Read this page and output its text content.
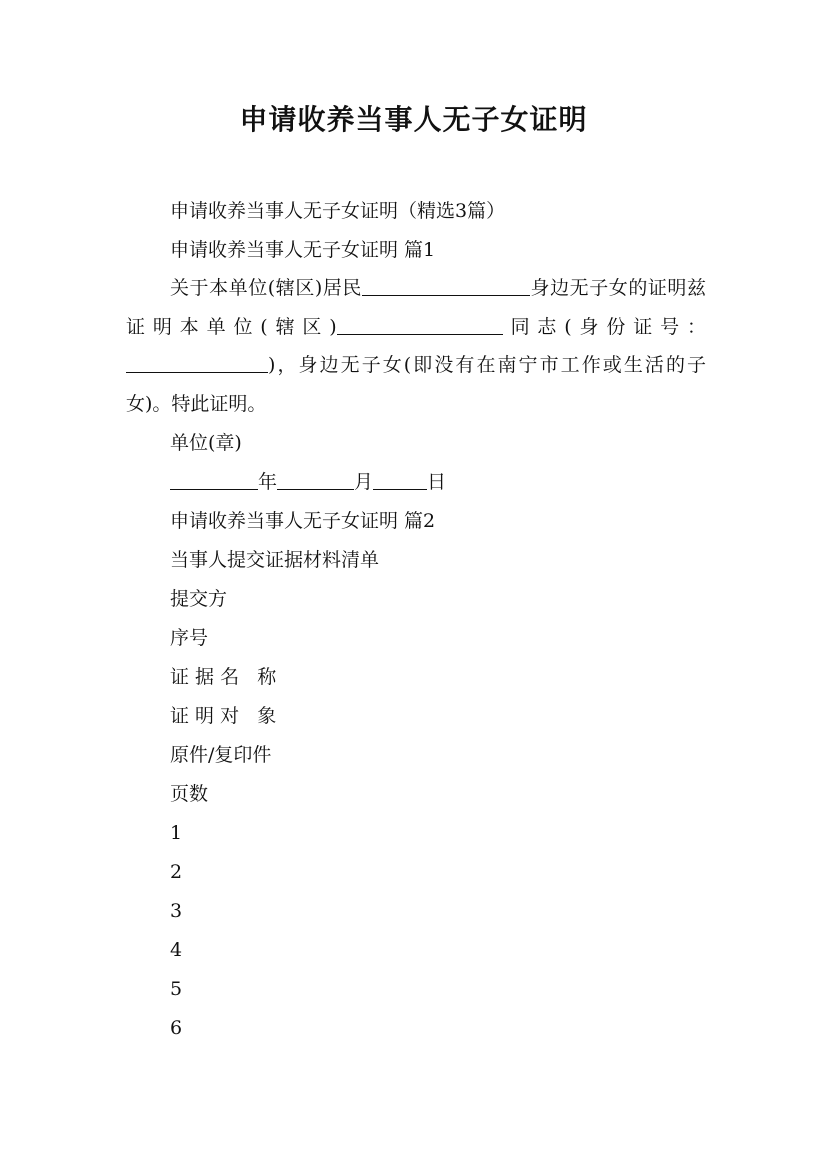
申请收养当事人无子女证明
申请收养当事人无子女证明（精选3篇）
申请收养当事人无子女证明 篇1
关于本单位(辖区)居民	身边无子女的证明兹证明本单位(辖区)	同志(身份证号：)，身边无子女(即没有在南宁市工作或生活的子女)。特此证明。
单位(章)
年	月	日
申请收养当事人无子女证明 篇2
当事人提交证据材料清单
提交方
序号
证 据 名   称
证 明 对   象
原件/复印件
页数
1
2
3
4
5
6
